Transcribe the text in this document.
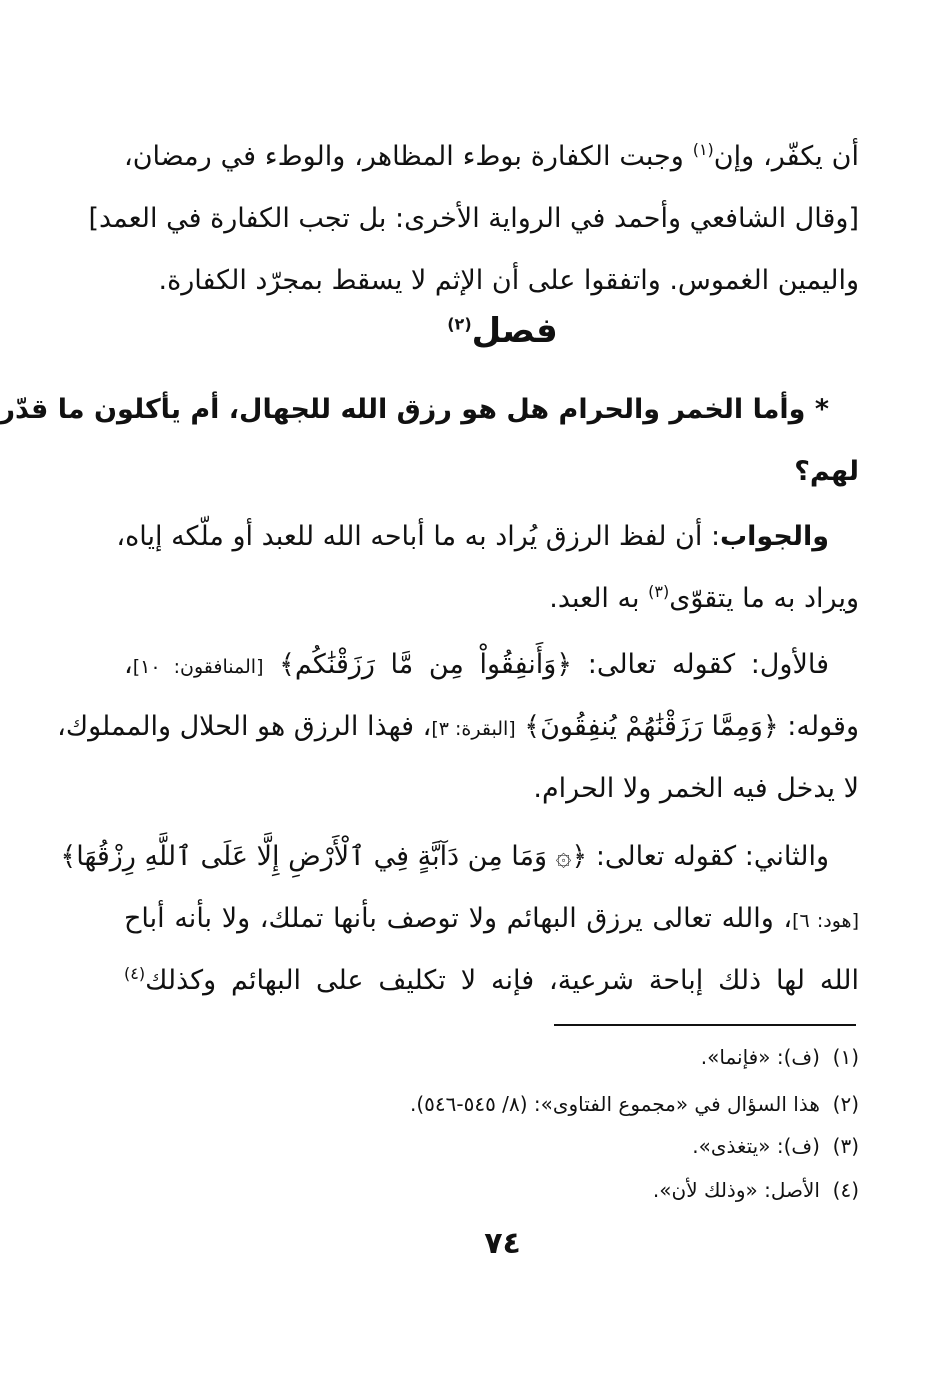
أن يكفّر، وإن$^{(١)}$ وجبت الكفارة بوطء المظاهر، والوطء في رمضان،
[وقال الشافعي وأحمد في الرواية الأخرى: بل تجب الكفارة في العمد]
واليمين الغموس. واتفقوا على أن الإثم لا يسقط بمجرّد الكفارة.
فصل$^{(٢)}$
* وأما الخمر والحرام هل هو رزق الله للجهال، أم يأكلون ما قدّر
لهم؟
والجواب: أن لفظ الرزق يُراد به ما أباحه الله للعبد أو ملّكه إياه،
ويراد به ما يتقوّى$^{(٣)}$ به العبد.
فالأول: كقوله تعالى: ﴿وَأَنفِقُواْ مِن مَّا رَزَقْنَٰكُم﴾ [المنافقون: ١٠]،
وقوله: ﴿وَمِمَّا رَزَقْنَٰهُمْ يُنفِقُونَ﴾ [البقرة: ٣]، فهذا الرزق هو الحلال والمملوك،
لا يدخل فيه الخمر ولا الحرام.
والثاني: كقوله تعالى: ﴿۞ وَمَا مِن دَآبَّةٍ فِي ٱلْأَرْضِ إِلَّا عَلَى ٱللَّهِ رِزْقُهَا﴾
[هود: ٦]، والله تعالى يرزق البهائم ولا توصف بأنها تملك، ولا بأنه أباح
الله لها ذلك إباحة شرعية، فإنه لا تكليف على البهائم وكذلك$^{(٤)}$
(١)  (ف): «فإنما».
(٢)  هذا السؤال في «مجموع الفتاوى»: (٨/ ٥٤٥-٥٤٦).
(٣)  (ف): «يتغذى».
(٤)  الأصل: «وذلك لأن».
٧٤
